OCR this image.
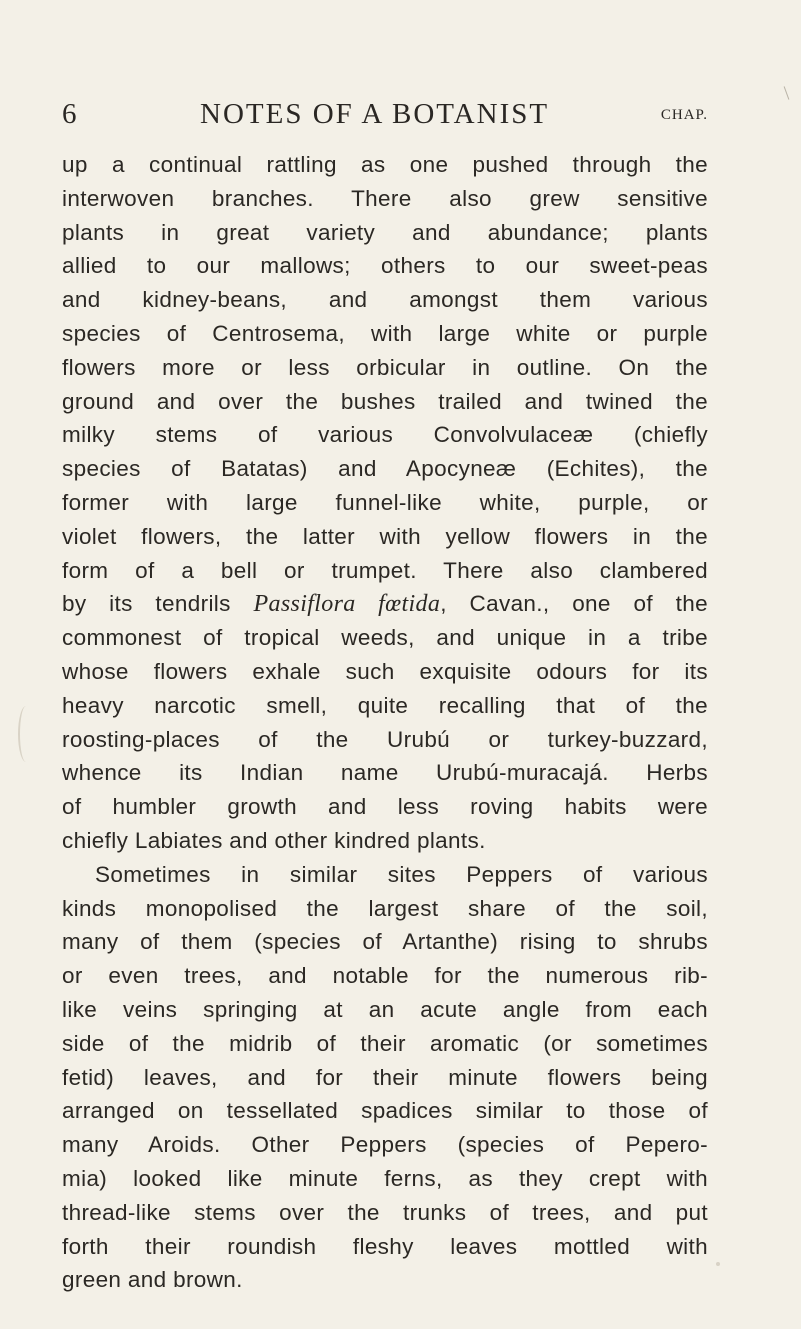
6	NOTES OF A BOTANIST	CHAP.
up a continual rattling as one pushed through the
interwoven branches. There also grew sensitive
plants in great variety and abundance; plants
allied to our mallows; others to our sweet-peas
and kidney-beans, and amongst them various
species of Centrosema, with large white or purple
flowers more or less orbicular in outline. On the
ground and over the bushes trailed and twined the
milky stems of various Convolvulaceæ (chiefly
species of Batatas) and Apocyneæ (Echites), the
former with large funnel-like white, purple, or
violet flowers, the latter with yellow flowers in the
form of a bell or trumpet. There also clambered
by its tendrils Passiflora fœtida, Cavan., one of the
commonest of tropical weeds, and unique in a tribe
whose flowers exhale such exquisite odours for its
heavy narcotic smell, quite recalling that of the
roosting-places of the Urubú or turkey-buzzard,
whence its Indian name Urubú-muracajá. Herbs
of humbler growth and less roving habits were
chiefly Labiates and other kindred plants.
Sometimes in similar sites Peppers of various
kinds monopolised the largest share of the soil,
many of them (species of Artanthe) rising to shrubs
or even trees, and notable for the numerous rib-
like veins springing at an acute angle from each
side of the midrib of their aromatic (or sometimes
fetid) leaves, and for their minute flowers being
arranged on tessellated spadices similar to those of
many Aroids. Other Peppers (species of Pepero-
mia) looked like minute ferns, as they crept with
thread-like stems over the trunks of trees, and put
forth their roundish fleshy leaves mottled with
green and brown.
